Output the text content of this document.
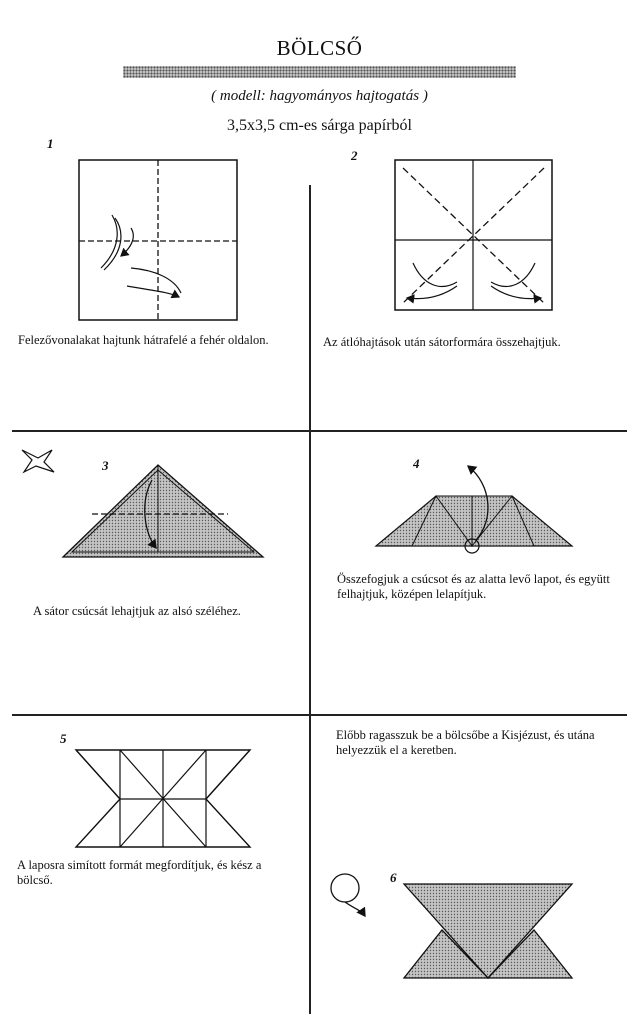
BÖLCSŐ
( modell: hagyományos hajtogatás )
3,5x3,5 cm-es sárga papírból
1
Felezővonalakat hajtunk hátrafelé a fehér oldalon.
2
Az átlóhajtások után sátorformára összehajtjuk.
3
A sátor csúcsát lehajtjuk az alsó széléhez.
4
Összefogjuk a csúcsot és az alatta levő lapot, és együtt felhajtjuk, középen lelapítjuk.
5
A laposra simított formát megfordítjuk, és kész a bölcső.
Előbb ragasszuk be a bölcsőbe a Kisjézust, és utána helyezzük el a keretben.
6
